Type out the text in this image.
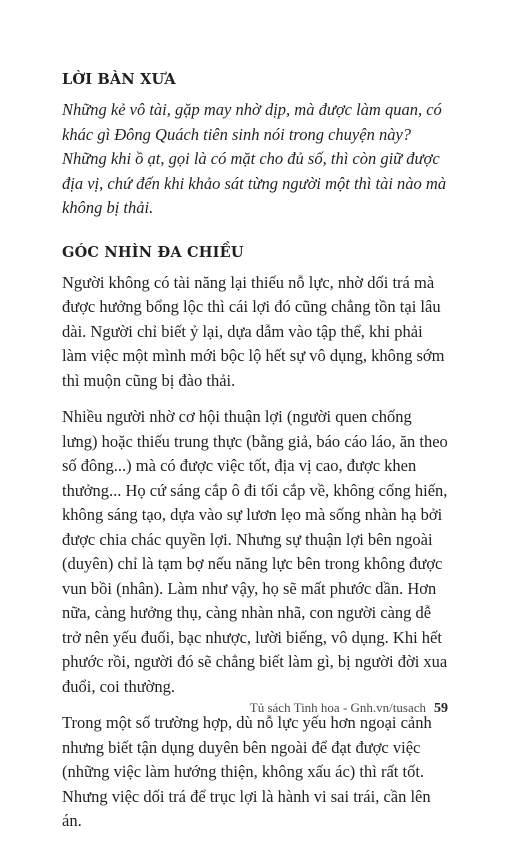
LỜI BÀN XƯA

Những kẻ vô tài, gặp may nhờ dịp, mà được làm quan, có khác gì Đông Quách tiên sinh nói trong chuyện này? Những khi ồ ạt, gọi là có mặt cho đủ số, thì còn giữ được địa vị, chứ đến khi khảo sát từng người một thì tài nào mà không bị thải.

GÓC NHÌN ĐA CHIỀU

Người không có tài năng lại thiếu nỗ lực, nhờ dối trá mà được hưởng bổng lộc thì cái lợi đó cũng chẳng tồn tại lâu dài. Người chỉ biết ỷ lại, dựa dẫm vào tập thể, khi phải làm việc một mình mới bộc lộ hết sự vô dụng, không sớm thì muộn cũng bị đào thải.

Nhiều người nhờ cơ hội thuận lợi (người quen chống lưng) hoặc thiếu trung thực (bằng giả, báo cáo láo, ăn theo số đông...) mà có được việc tốt, địa vị cao, được khen thưởng... Họ cứ sáng cắp ô đi tối cắp về, không cống hiến, không sáng tạo, dựa vào sự lươn lẹo mà sống nhàn hạ bởi được chia chác quyền lợi. Nhưng sự thuận lợi bên ngoài (duyên) chỉ là tạm bợ nếu năng lực bên trong không được vun bồi (nhân). Làm như vậy, họ sẽ mất phước dần. Hơn nữa, càng hưởng thụ, càng nhàn nhã, con người càng dễ trở nên yếu đuối, bạc nhược, lười biếng, vô dụng. Khi hết phước rồi, người đó sẽ chẳng biết làm gì, bị người đời xua đuổi, coi thường.

Trong một số trường hợp, dù nỗ lực yếu hơn ngoại cảnh nhưng biết tận dụng duyên bên ngoài để đạt được việc (những việc làm hướng thiện, không xấu ác) thì rất tốt. Nhưng việc dối trá để trục lợi là hành vi sai trái, cần lên án.

Tủ sách Tinh hoa - Gnh.vn/tusach 59
